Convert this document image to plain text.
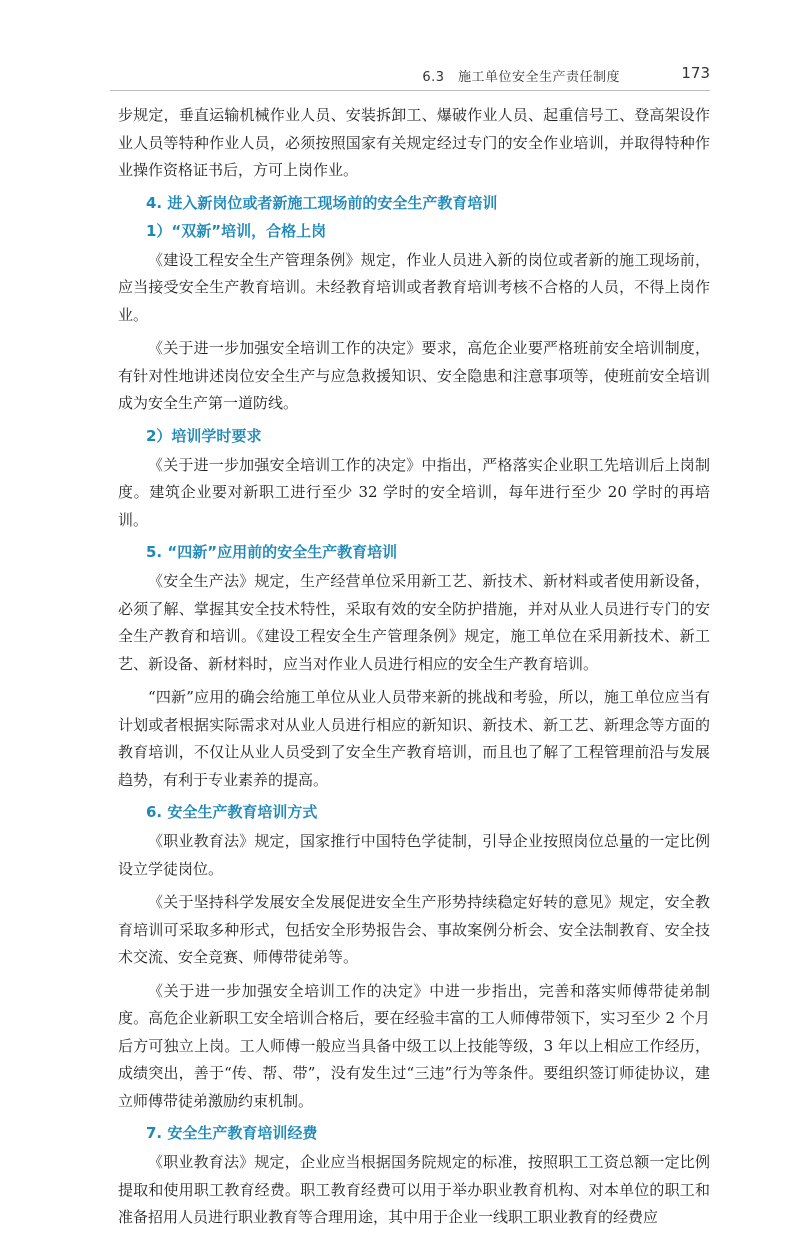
6.3　施工单位安全生产责任制度	173

步规定，垂直运输机械作业人员、安装拆卸工、爆破作业人员、起重信号工、登高架设作业人员等特种作业人员，必须按照国家有关规定经过专门的安全作业培训，并取得特种作业操作资格证书后，方可上岗作业。

4. 进入新岗位或者新施工现场前的安全生产教育培训
1）“双新”培训，合格上岗

《建设工程安全生产管理条例》规定，作业人员进入新的岗位或者新的施工现场前，应当接受安全生产教育培训。未经教育培训或者教育培训考核不合格的人员，不得上岗作业。

《关于进一步加强安全培训工作的决定》要求，高危企业要严格班前安全培训制度，有针对性地讲述岗位安全生产与应急救援知识、安全隐患和注意事项等，使班前安全培训成为安全生产第一道防线。

2）培训学时要求

《关于进一步加强安全培训工作的决定》中指出，严格落实企业职工先培训后上岗制度。建筑企业要对新职工进行至少 32 学时的安全培训，每年进行至少 20 学时的再培训。

5. “四新”应用前的安全生产教育培训

《安全生产法》规定，生产经营单位采用新工艺、新技术、新材料或者使用新设备，必须了解、掌握其安全技术特性，采取有效的安全防护措施，并对从业人员进行专门的安全生产教育和培训。《建设工程安全生产管理条例》规定，施工单位在采用新技术、新工艺、新设备、新材料时，应当对作业人员进行相应的安全生产教育培训。

“四新”应用的确会给施工单位从业人员带来新的挑战和考验，所以，施工单位应当有计划或者根据实际需求对从业人员进行相应的新知识、新技术、新工艺、新理念等方面的教育培训，不仅让从业人员受到了安全生产教育培训，而且也了解了工程管理前沿与发展趋势，有利于专业素养的提高。

6. 安全生产教育培训方式

《职业教育法》规定，国家推行中国特色学徒制，引导企业按照岗位总量的一定比例设立学徒岗位。

《关于坚持科学发展安全发展促进安全生产形势持续稳定好转的意见》规定，安全教育培训可采取多种形式，包括安全形势报告会、事故案例分析会、安全法制教育、安全技术交流、安全竞赛、师傅带徒弟等。

《关于进一步加强安全培训工作的决定》中进一步指出，完善和落实师傅带徒弟制度。高危企业新职工安全培训合格后，要在经验丰富的工人师傅带领下，实习至少 2 个月后方可独立上岗。工人师傅一般应当具备中级工以上技能等级，3 年以上相应工作经历，成绩突出，善于“传、帮、带”，没有发生过“三违”行为等条件。要组织签订师徒协议，建立师傅带徒弟激励约束机制。

7. 安全生产教育培训经费

《职业教育法》规定，企业应当根据国务院规定的标准，按照职工工资总额一定比例提取和使用职工教育经费。职工教育经费可以用于举办职业教育机构、对本单位的职工和准备招用人员进行职业教育等合理用途，其中用于企业一线职工职业教育的经费应
